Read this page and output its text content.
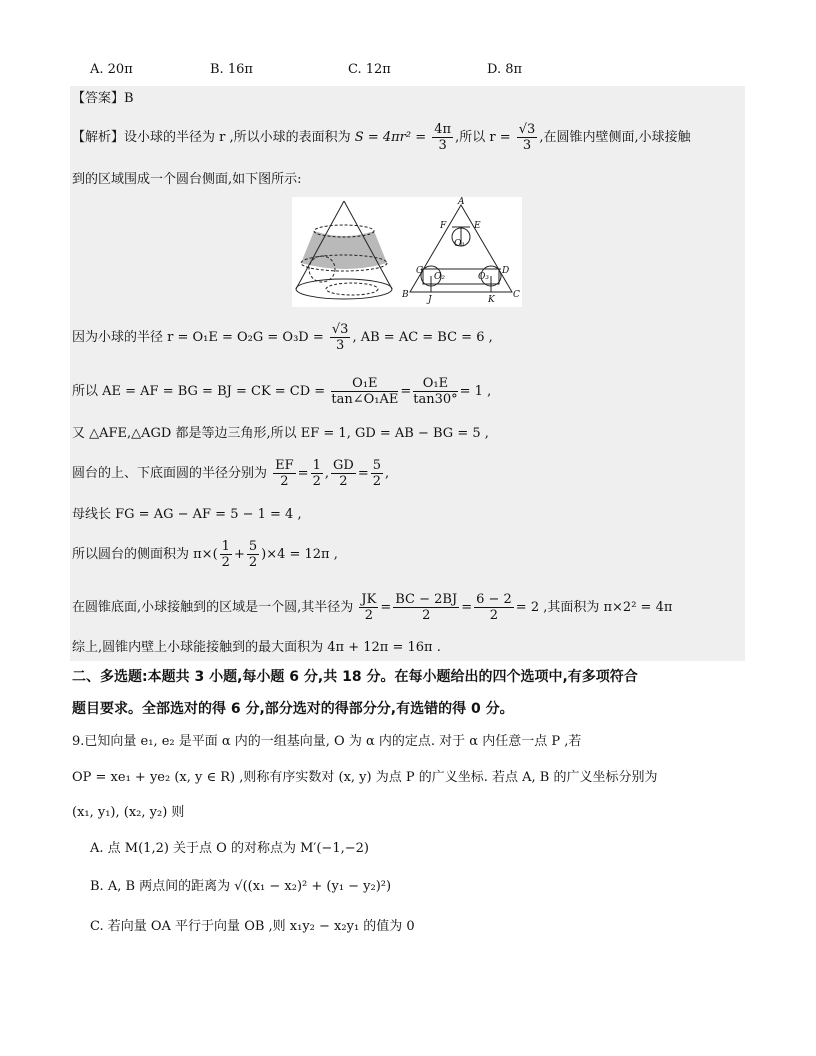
A. 20π	B. 16π	C. 12π	D. 8π
【答案】B
【解析】设小球的半径为 r ,所以小球的表面积为 $S = 4\pi r^2 = \frac{4\pi}{3}$ ,所以 $r = \frac{√3}{3}$ ,在圆锥内壁侧面,小球接触
到的区域围成一个圆台侧面,如下图所示:
A
F	E
O₁
G	D
O₂	O₃
B J	K C
因为小球的半径 $r = O_1E = O_2G = O_3D = \frac{√3}{3}$ , AB = AC = BC = 6 ,
所以 AE = AF = BG = BJ = CK = CD = $\frac{\text{O₁E}}{\text{tan∠O₁AE}} = \frac{\text{O₁E}}{\tan 30^\circ} = 1$ ,
又 △AFE,△AGD 都是等边三角形,所以 EF = 1, GD = AB − BG = 5 ,
圆台的上、下底面圆的半径分别为 $\frac{EF}{2} = \frac{1}{2}$ , $\frac{GD}{2} = \frac{5}{2}$ ,
母线长 FG = AG − AF = 5 − 1 = 4 ,
所以圆台的侧面积为 $\pi\times( \frac{1}{2} + \frac{5}{2} )\times 4 = 12\pi$ ,
在圆锥底面,小球接触到的区域是一个圆,其半径为 $\frac{JK}{2} = \frac{BC - 2BJ}{2} = \frac{6 - 2}{2} = 2$ ,其面积为 π×2² = 4π
综上,圆锥内壁上小球能接触到的最大面积为 4π + 12π = 16π .
二、多选题:本题共 3 小题,每小题 6 分,共 18 分。在每小题给出的四个选项中,有多项符合
题目要求。全部选对的得 6 分,部分选对的得部分分,有选错的得 0 分。
9.已知向量 e₁, e₂ 是平面 α 内的一组基向量, O 为 α 内的定点. 对于 α 内任意一点 P ,若
OP = xe₁ + ye₂ (x, y ∈ R) ,则称有序实数对 (x, y) 为点 P 的广义坐标. 若点 A, B 的广义坐标分别为
(x₁, y₁), (x₂, y₂) 则
A. 点 M(1,2) 关于点 O 的对称点为 M′(−1,−2)
B. A, B 两点间的距离为 √((x₁ − x₂)² + (y₁ − y₂)²)
C. 若向量 OA 平行于向量 OB ,则 x₁y₂ − x₂y₁ 的值为 0
